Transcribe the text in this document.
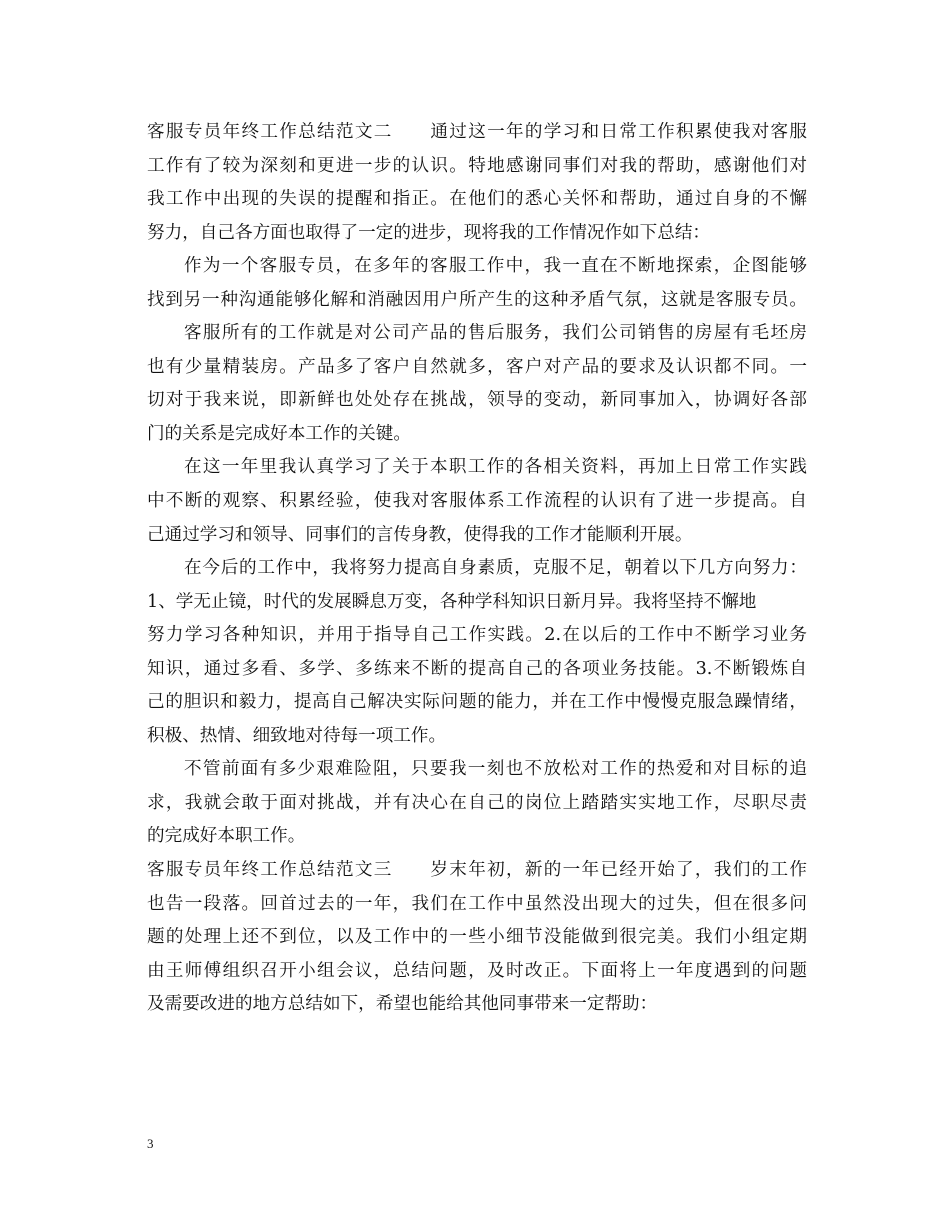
客服专员年终工作总结范文二　　通过这一年的学习和日常工作积累使我对客服
工作有了较为深刻和更进一步的认识。特地感谢同事们对我的帮助，感谢他们对
我工作中出现的失误的提醒和指正。在他们的悉心关怀和帮助，通过自身的不懈
努力，自己各方面也取得了一定的进步，现将我的工作情况作如下总结：
作为一个客服专员，在多年的客服工作中，我一直在不断地探索，企图能够
找到另一种沟通能够化解和消融因用户所产生的这种矛盾气氛，这就是客服专员。
客服所有的工作就是对公司产品的售后服务，我们公司销售的房屋有毛坯房
也有少量精装房。产品多了客户自然就多，客户对产品的要求及认识都不同。一
切对于我来说，即新鲜也处处存在挑战，领导的变动，新同事加入，协调好各部
门的关系是完成好本工作的关键。
在这一年里我认真学习了关于本职工作的各相关资料，再加上日常工作实践
中不断的观察、积累经验，使我对客服体系工作流程的认识有了进一步提高。自
己通过学习和领导、同事们的言传身教，使得我的工作才能顺利开展。
在今后的工作中，我将努力提高自身素质，克服不足，朝着以下几方向努力：
1、学无止镜，时代的发展瞬息万变，各种学科知识日新月异。我将坚持不懈地
努力学习各种知识，并用于指导自己工作实践。2.在以后的工作中不断学习业务
知识，通过多看、多学、多练来不断的提高自己的各项业务技能。3.不断锻炼自
己的胆识和毅力，提高自己解决实际问题的能力，并在工作中慢慢克服急躁情绪，
积极、热情、细致地对待每一项工作。
不管前面有多少艰难险阻，只要我一刻也不放松对工作的热爱和对目标的追
求，我就会敢于面对挑战，并有决心在自己的岗位上踏踏实实地工作，尽职尽责
的完成好本职工作。
客服专员年终工作总结范文三　　岁末年初，新的一年已经开始了，我们的工作
也告一段落。回首过去的一年，我们在工作中虽然没出现大的过失，但在很多问
题的处理上还不到位，以及工作中的一些小细节没能做到很完美。我们小组定期
由王师傅组织召开小组会议，总结问题，及时改正。下面将上一年度遇到的问题
及需要改进的地方总结如下，希望也能给其他同事带来一定帮助：
3
